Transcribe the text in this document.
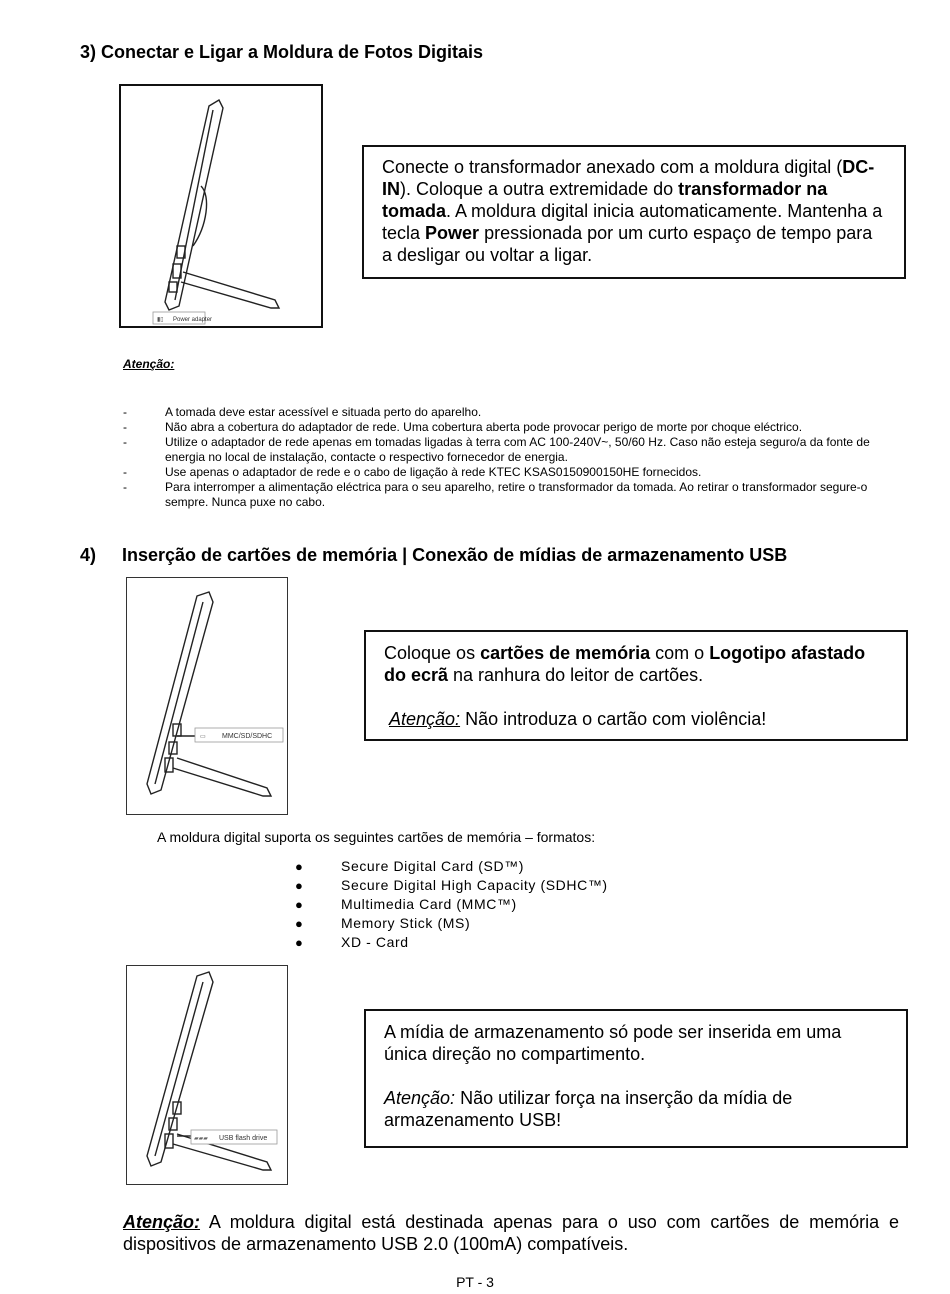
3) Conectar e Ligar a Moldura de Fotos Digitais
Power adapter
▮▯

Conecte o transformador anexado com a moldura digital (DC-IN). Coloque a outra extremidade do transformador na tomada. A moldura digital inicia automaticamente. Mantenha a tecla Power pressionada por um curto espaço de tempo para a desligar ou voltar a ligar.

Atenção:
-	A tomada deve estar acessível e situada perto do aparelho.
-	Não abra a cobertura do adaptador de rede. Uma cobertura aberta pode provocar perigo de morte por choque eléctrico.
-	Utilize o adaptador de rede apenas em tomadas ligadas à terra com AC 100-240V~, 50/60 Hz. Caso não esteja seguro/a da fonte de energia no local de instalação, contacte o respectivo fornecedor de energia.
-	Use apenas o adaptador de rede e o cabo de ligação à rede KTEC KSAS0150900150HE fornecidos.
-	Para interromper a alimentação eléctrica para o seu aparelho, retire o transformador da tomada. Ao retirar o transformador segure-o sempre. Nunca puxe no cabo.
4) Inserção de cartões de memória | Conexão de mídias de armazenamento USB
▭ MMC/SD/SDHC

Coloque os cartões de memória com o Logotipo afastado do ecrã na ranhura do leitor de cartões.

Atenção: Não introduza o cartão com violência!

A moldura digital suporta os seguintes cartões de memória – formatos:
●	Secure Digital Card (SD™)
●	Secure Digital High Capacity (SDHC™)
●	Multimedia Card (MMC™)
●	Memory Stick (MS)
●	XD - Card
▰▰▰ USB flash drive

A mídia de armazenamento só pode ser inserida em uma única direção no compartimento.

Atenção: Não utilizar força na inserção da mídia de armazenamento USB!

Atenção: A moldura digital está destinada apenas para o uso com cartões de memória e dispositivos de armazenamento USB 2.0 (100mA) compatíveis.
PT - 3
